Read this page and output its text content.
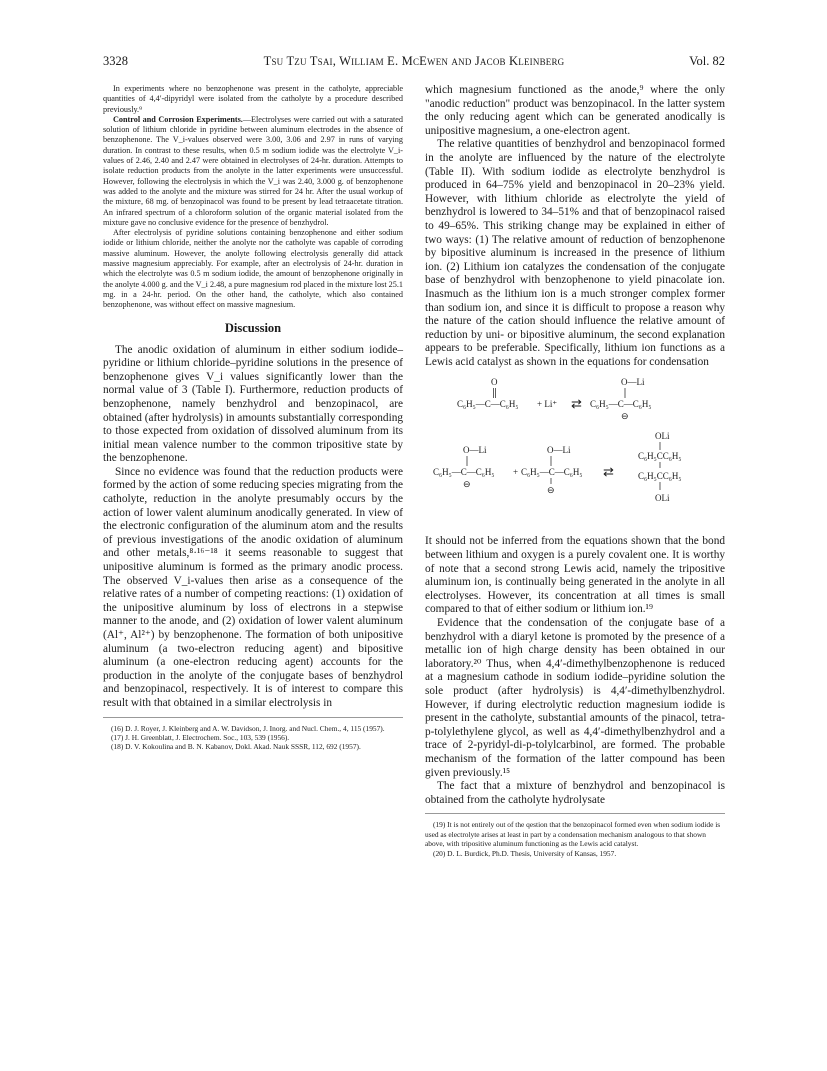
3328	Tsu Tzu Tsai, William E. McEwen and Jacob Kleinberg	Vol. 82

In experiments where no benzophenone was present in the catholyte, appreciable quantities of 4,4′-dipyridyl were isolated from the catholyte by a procedure described previously.⁹

Control and Corrosion Experiments.—Electrolyses were carried out with a saturated solution of lithium chloride in pyridine between aluminum electrodes in the absence of benzophenone. The V_i-values observed were 3.00, 3.06 and 2.97 in runs of varying duration. In contrast to these results, when 0.5 m sodium iodide was the electrolyte V_i-values of 2.46, 2.40 and 2.47 were obtained in electrolyses of 24-hr. duration. Attempts to isolate reduction products from the anolyte in the latter experiments were unsuccessful. However, following the electrolysis in which the V_i was 2.40, 3.000 g. of benzophenone was added to the anolyte and the mixture was stirred for 24 hr. After the usual workup of the mixture, 68 mg. of benzopinacol was found to be present by lead tetraacetate titration. An infrared spectrum of a chloroform solution of the organic material isolated from the mixture gave no conclusive evidence for the presence of benzhydrol.

After electrolysis of pyridine solutions containing benzophenone and either sodium iodide or lithium chloride, neither the anolyte nor the catholyte was capable of corroding massive aluminum. However, the anolyte following electrolysis generally did attack massive magnesium appreciably. For example, after an electrolysis of 24-hr. duration in which the electrolyte was 0.5 m sodium iodide, the amount of benzophenone originally in the anolyte 4.000 g. and the V_i 2.48, a pure magnesium rod placed in the mixture lost 25.1 mg. in a 24-hr. period. On the other hand, the catholyte, which also contained benzophenone, was without effect on massive magnesium.

Discussion

The anodic oxidation of aluminum in either sodium iodide–pyridine or lithium chloride–pyridine solutions in the presence of benzophenone gives V_i values significantly lower than the normal value of 3 (Table I). Furthermore, reduction products of benzophenone, namely benzhydrol and benzopinacol, are obtained (after hydrolysis) in amounts substantially corresponding to those expected from oxidation of dissolved aluminum from its initial mean valence number to the common tripositive state by the benzophenone.

Since no evidence was found that the reduction products were formed by the action of some reducing species migrating from the catholyte, reduction in the anolyte presumably occurs by the action of lower valent aluminum anodically generated. In view of the electronic configuration of the aluminum atom and the results of previous investigations of the anodic oxidation of aluminum and other metals,⁸·¹⁶⁻¹⁸ it seems reasonable to suggest that unipositive aluminum is formed as the primary anodic process. The observed V_i-values then arise as a consequence of the relative rates of a number of competing reactions: (1) oxidation of the unipositive aluminum by loss of electrons in a stepwise manner to the anode, and (2) oxidation of lower valent aluminum (Al⁺, Al²⁺) by benzophenone. The formation of both unipositive aluminum (a two-electron reducing agent) and bipositive aluminum (a one-electron reducing agent) accounts for the production in the anolyte of the conjugate bases of benzhydrol and benzopinacol, respectively. It is of interest to compare this result with that obtained in a similar electrolysis in

(16) D. J. Royer, J. Kleinberg and A. W. Davidson, J. Inorg. and Nucl. Chem., 4, 115 (1957).
(17) J. H. Greenblatt, J. Electrochem. Soc., 103, 539 (1956).
(18) D. V. Kokoulina and B. N. Kabanov, Dokl. Akad. Nauk SSSR, 112, 692 (1957).

which magnesium functioned as the anode,⁹ where the only "anodic reduction" product was benzopinacol. In the latter system the only reducing agent which can be generated anodically is unipositive magnesium, a one-electron agent.

The relative quantities of benzhydrol and benzopinacol formed in the anolyte are influenced by the nature of the electrolyte (Table II). With sodium iodide as electrolyte benzhydrol is produced in 64–75% yield and benzopinacol in 20–23% yield. However, with lithium chloride as electrolyte the yield of benzhydrol is lowered to 34–51% and that of benzopinacol raised to 49–65%. This striking change may be explained in either of two ways: (1) The relative amount of reduction of benzophenone by bipositive aluminum is increased in the presence of lithium ion. (2) Lithium ion catalyzes the condensation of the conjugate base of benzhydrol with benzophenone to yield pinacolate ion. Inasmuch as the lithium ion is a much stronger complex former than sodium ion, and since it is difficult to propose a reason why the nature of the cation should influence the relative amount of reduction by uni- or bipositive aluminum, the second explanation appears to be preferable. Specifically, lithium ion functions as a Lewis acid catalyst as shown in the equations for condensation

O
C₆H₅—C—C₆H₅ + Li⁺ ⇄
O—Li
C₆H₅—C—C₆H₅
⊖
OLi
O—Li	O—Li
C₆H₅CC₆H₅
C₆H₅—C—C₆H₅ + C₆H₅—C—C₆H₅ ⇄	C₆H₅CC₆H₅
⊖
⊖
OLi

It should not be inferred from the equations shown that the bond between lithium and oxygen is a purely covalent one. It is worthy of note that a second strong Lewis acid, namely the tripositive aluminum ion, is continually being generated in the anolyte in all electrolyses. However, its concentration at all times is small compared to that of either sodium or lithium ion.¹⁹

Evidence that the condensation of the conjugate base of a benzhydrol with a diaryl ketone is promoted by the presence of a metallic ion of high charge density has been obtained in our laboratory.²⁰ Thus, when 4,4′-dimethylbenzophenone is reduced at a magnesium cathode in sodium iodide–pyridine solution the sole product (after hydrolysis) is 4,4′-dimethylbenzhydrol. However, if during electrolytic reduction magnesium iodide is present in the catholyte, substantial amounts of the pinacol, tetra-p-tolylethylene glycol, as well as 4,4′-dimethylbenzhydrol and a trace of 2-pyridyl-di-p-tolylcarbinol, are formed. The probable mechanism of the formation of the latter compound has been given previously.¹⁵

The fact that a mixture of benzhydrol and benzopinacol is obtained from the catholyte hydrolysate

(19) It is not entirely out of the qestion that the benzopinacol formed even when sodium iodide is used as electrolyte arises at least in part by a condensation mechanism analogous to that shown above, with tripositive aluminum functioning as the Lewis acid catalyst.
(20) D. L. Burdick, Ph.D. Thesis, University of Kansas, 1957.
